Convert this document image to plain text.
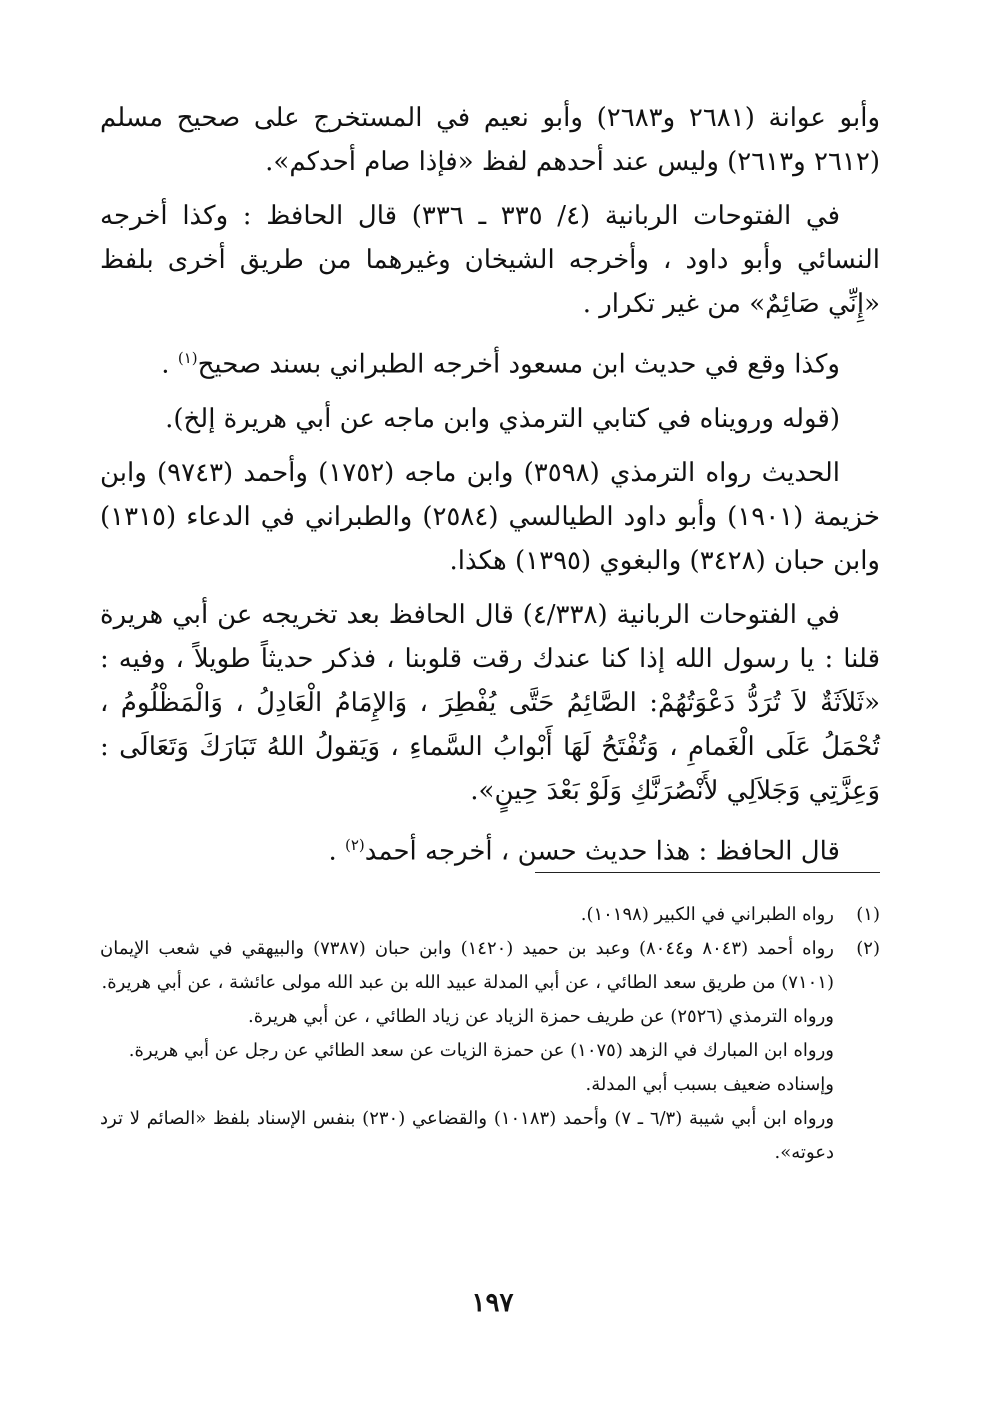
وأبو عوانة (٢٦٨١ و٢٦٨٣) وأبو نعيم في المستخرج على صحيح مسلم (٢٦١٢ و٢٦١٣) وليس عند أحدهم لفظ «فإذا صام أحدكم».

في الفتوحات الربانية (٤/ ٣٣٥ ـ ٣٣٦) قال الحافظ : وكذا أخرجه النسائي وأبو داود ، وأخرجه الشيخان وغيرهما من طريق أخرى بلفظ «إِنِّي صَائِمٌ» من غير تكرار .

وكذا وقع في حديث ابن مسعود أخرجه الطبراني بسند صحيح$^{(١)}$ .

(قوله ورويناه في كتابي الترمذي وابن ماجه عن أبي هريرة إلخ).

الحديث رواه الترمذي (٣٥٩٨) وابن ماجه (١٧٥٢) وأحمد (٩٧٤٣) وابن خزيمة (١٩٠١) وأبو داود الطيالسي (٢٥٨٤) والطبراني في الدعاء (١٣١٥) وابن حبان (٣٤٢٨) والبغوي (١٣٩٥) هكذا.

في الفتوحات الربانية (٤/٣٣٨) قال الحافظ بعد تخريجه عن أبي هريرة قلنا : يا رسول الله إذا كنا عندك رقت قلوبنا ، فذكر حديثاً طويلاً ، وفيه : «ثَلاَثَةٌ لاَ تُرَدُّ دَعْوَتُهُمْ: الصَّائِمُ حَتَّى يُفْطِرَ ، وَالإِمَامُ الْعَادِلُ ، وَالْمَظْلُومُ ، تُحْمَلُ عَلَى الْغَمامِ ، وَتُفْتَحُ لَهَا أَبْوابُ السَّماءِ ، وَيَقولُ اللهُ تَبَارَكَ وَتَعَالَى : وَعِزَّتِي وَجَلاَلِي لأَنْصُرَنَّكِ وَلَوْ بَعْدَ حِينٍ».

قال الحافظ : هذا حديث حسن ، أخرجه أحمد$^{(٢)}$ .

(١)
رواه الطبراني في الكبير (١٠١٩٨).
(٢)
رواه أحمد (٨٠٤٣ و٨٠٤٤) وعبد بن حميد (١٤٢٠) وابن حبان (٧٣٨٧) والبيهقي في شعب الإيمان (٧١٠١) من طريق سعد الطائي ، عن أبي المدلة عبيد الله بن عبد الله مولى عائشة ، عن أبي هريرة.
ورواه الترمذي (٢٥٢٦) عن طريف حمزة الزياد عن زياد الطائي ، عن أبي هريرة.
ورواه ابن المبارك في الزهد (١٠٧٥) عن حمزة الزيات عن سعد الطائي عن رجل عن أبي هريرة.
وإسناده ضعيف بسبب أبي المدلة.
ورواه ابن أبي شيبة (٦/٣ ـ ٧) وأحمد (١٠١٨٣) والقضاعي (٢٣٠) بنفس الإسناد بلفظ «الصائم لا ترد دعوته».
١٩٧
